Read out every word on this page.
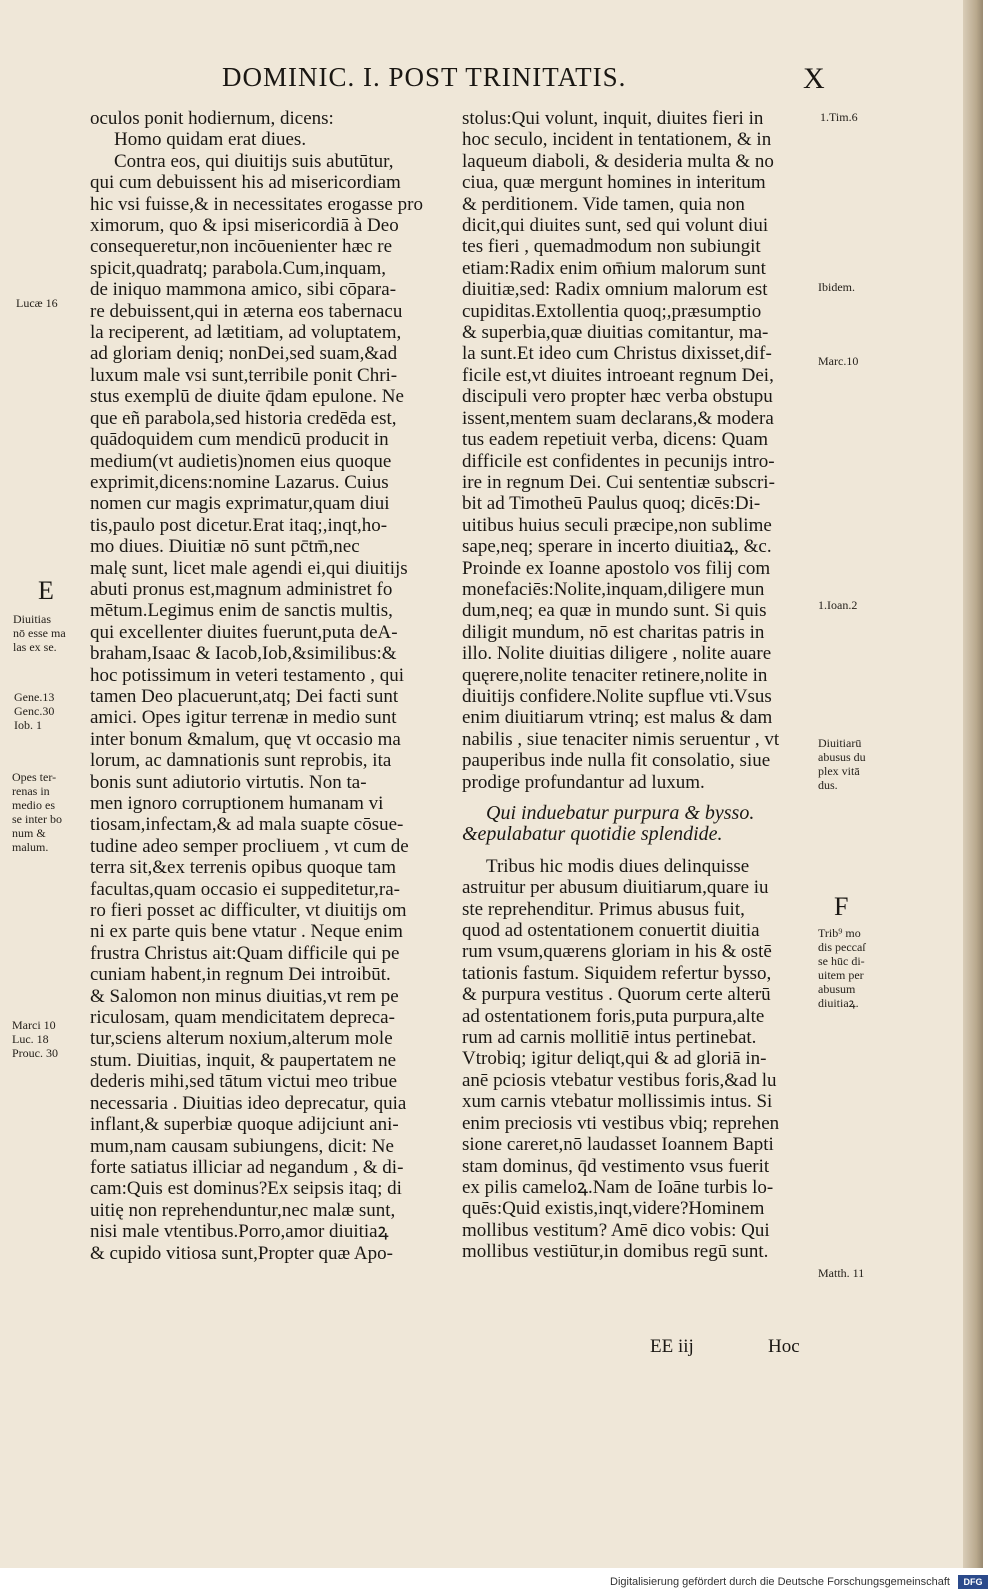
DOMINIC. I. POST TRINITATIS.	X

oculos ponit hodiernum, dicens:

Homo quidam erat diues.

Contra eos, qui diuitijs suis abutūtur,

qui cum debuissent his ad misericordiam

hic vsi fuisse,& in necessitates erogasse pro

ximorum, quo & ipsi misericordiā à Deo

consequeretur,non incōuenienter hæc re

spicit,quadratq; parabola.Cum,inquam,

de iniquo mammona amico, sibi cōpara-

re debuissent,qui in æterna eos tabernacu

la reciperent, ad lætitiam, ad voluptatem,

ad gloriam deniq; nonDei,sed suam,&ad

luxum male vsi sunt,terribile ponit Chri-

stus exemplū de diuite q̄dam epulone. Ne

que eñ parabola,sed historia credēda est,

quādoquidem cum mendicū producit in

medium(vt audietis)nomen eius quoque

exprimit,dicens:nomine Lazarus. Cuius

nomen cur magis exprimatur,quam diui

tis,paulo post dicetur.Erat itaq;,inqt,ho-

mo diues. Diuitiæ nō sunt pc̄tm̄,nec

malę sunt, licet male agendi ei,qui diuitijs

abuti pronus est,magnum administret fo

mētum.Legimus enim de sanctis multis,

qui excellenter diuites fuerunt,puta deA-

braham,Isaac & Iacob,Iob,&similibus:&

hoc potissimum in veteri testamento , qui

tamen Deo placuerunt,atq; Dei facti sunt

amici. Opes igitur terrenæ in medio sunt

inter bonum &malum, quę vt occasio ma

lorum, ac damnationis sunt reprobis, ita

bonis sunt adiutorio virtutis. Non ta-

men ignoro corruptionem humanam vi

tiosam,infectam,& ad mala suapte cōsue-

tudine adeo semper procliuem , vt cum de

terra sit,&ex terrenis opibus quoque tam

facultas,quam occasio ei suppeditetur,ra-

ro fieri posset ac difficulter, vt diuitijs om

ni ex parte quis bene vtatur . Neque enim

frustra Christus ait:Quam difficile qui pe

cuniam habent,in regnum Dei introibūt.

& Salomon non minus diuitias,vt rem pe

riculosam, quam mendicitatem depreca-

tur,sciens alterum noxium,alterum mole

stum. Diuitias, inquit, & paupertatem ne

dederis mihi,sed tātum victui meo tribue

necessaria . Diuitias ideo deprecatur, quia

inflant,& superbiæ quoque adijciunt ani-

mum,nam causam subiungens, dicit: Ne

forte satiatus illiciar ad negandum , & di-

cam:Quis est dominus?Ex seipsis itaq; di

uitię non reprehenduntur,nec malæ sunt,

nisi male vtentibus.Porro,amor diuitiaꝝ

& cupido vitiosa sunt,Propter quæ Apo-

stolus:Qui volunt, inquit, diuites fieri in

hoc seculo, incident in tentationem, & in

laqueum diaboli, & desideria multa & no

ciua, quæ mergunt homines in interitum

& perditionem. Vide tamen, quia non

dicit,qui diuites sunt, sed qui volunt diui

tes fieri , quemadmodum non subiungit

etiam:Radix enim om̄ium malorum sunt

diuitiæ,sed: Radix omnium malorum est

cupiditas.Extollentia quoq;,præsumptio

& superbia,quæ diuitias comitantur, ma-

la sunt.Et ideo cum Christus dixisset,dif-

ficile est,vt diuites introeant regnum Dei,

discipuli vero propter hæc verba obstupu

issent,mentem suam declarans,& modera

tus eadem repetiuit verba, dicens: Quam

difficile est confidentes in pecunijs intro-

ire in regnum Dei. Cui sententiæ subscri-

bit ad Timotheū Paulus quoq; dicēs:Di-

uitibus huius seculi præcipe,non sublime

sape,neq; sperare in incerto diuitiaꝝ, &c.

Proinde ex Ioanne apostolo vos filij com

monefaciēs:Nolite,inquam,diligere mun

dum,neq; ea quæ in mundo sunt. Si quis

diligit mundum, nō est charitas patris in

illo. Nolite diuitias diligere , nolite auare

quęrere,nolite tenaciter retinere,nolite in

diuitijs confidere.Nolite supflue vti.Vsus

enim diuitiarum vtrinq; est malus & dam

nabilis , siue tenaciter nimis seruentur , vt

pauperibus inde nulla fit consolatio, siue

prodige profundantur ad luxum.

Qui induebatur purpura & bysso.

&epulabatur quotidie splendide.

Tribus hic modis diues delinquisse

astruitur per abusum diuitiarum,quare iu

ste reprehenditur. Primus abusus fuit,

quod ad ostentationem conuertit diuitia

rum vsum,quærens gloriam in his & ostē

tationis fastum. Siquidem refertur bysso,

& purpura vestitus . Quorum certe alterū

ad ostentationem foris,puta purpura,alte

rum ad carnis mollitiē intus pertinebat.

Vtrobiq; igitur deliqt,qui & ad gloriā in-

anē pciosis vtebatur vestibus foris,&ad lu

xum carnis vtebatur mollissimis intus. Si

enim preciosis vti vestibus vbiq; reprehen

sione careret,nō laudasset Ioannem Bapti

stam dominus, q̄d vestimento vsus fuerit

ex pilis cameloꝝ.Nam de Ioāne turbis lo-

quēs:Quid existis,inqt,videre?Hominem

mollibus vestitum? Amē dico vobis: Qui

mollibus vestiūtur,in domibus regū sunt.

E
F
Lucæ 16
Diuitias
nō esse ma
las ex se.
Gene.13
Genc.30
Iob. 1
Opes ter-
renas in
medio es
se inter bo
num &
malum.
Marci 10
Luc. 18
Prouc. 30
1.Tim.6
Ibidem.
Marc.10
1.Ioan.2
Diuitiarū
abusus du
plex vitā
dus.
Trib⁹ mo
dis peccaſ
se hūc di-
uitem per
abusum
diuitiaꝝ.
Matth. 11
EE iij	Hoc
Digitalisierung gefördert durch die Deutsche Forschungsgemeinschaft	DFG
